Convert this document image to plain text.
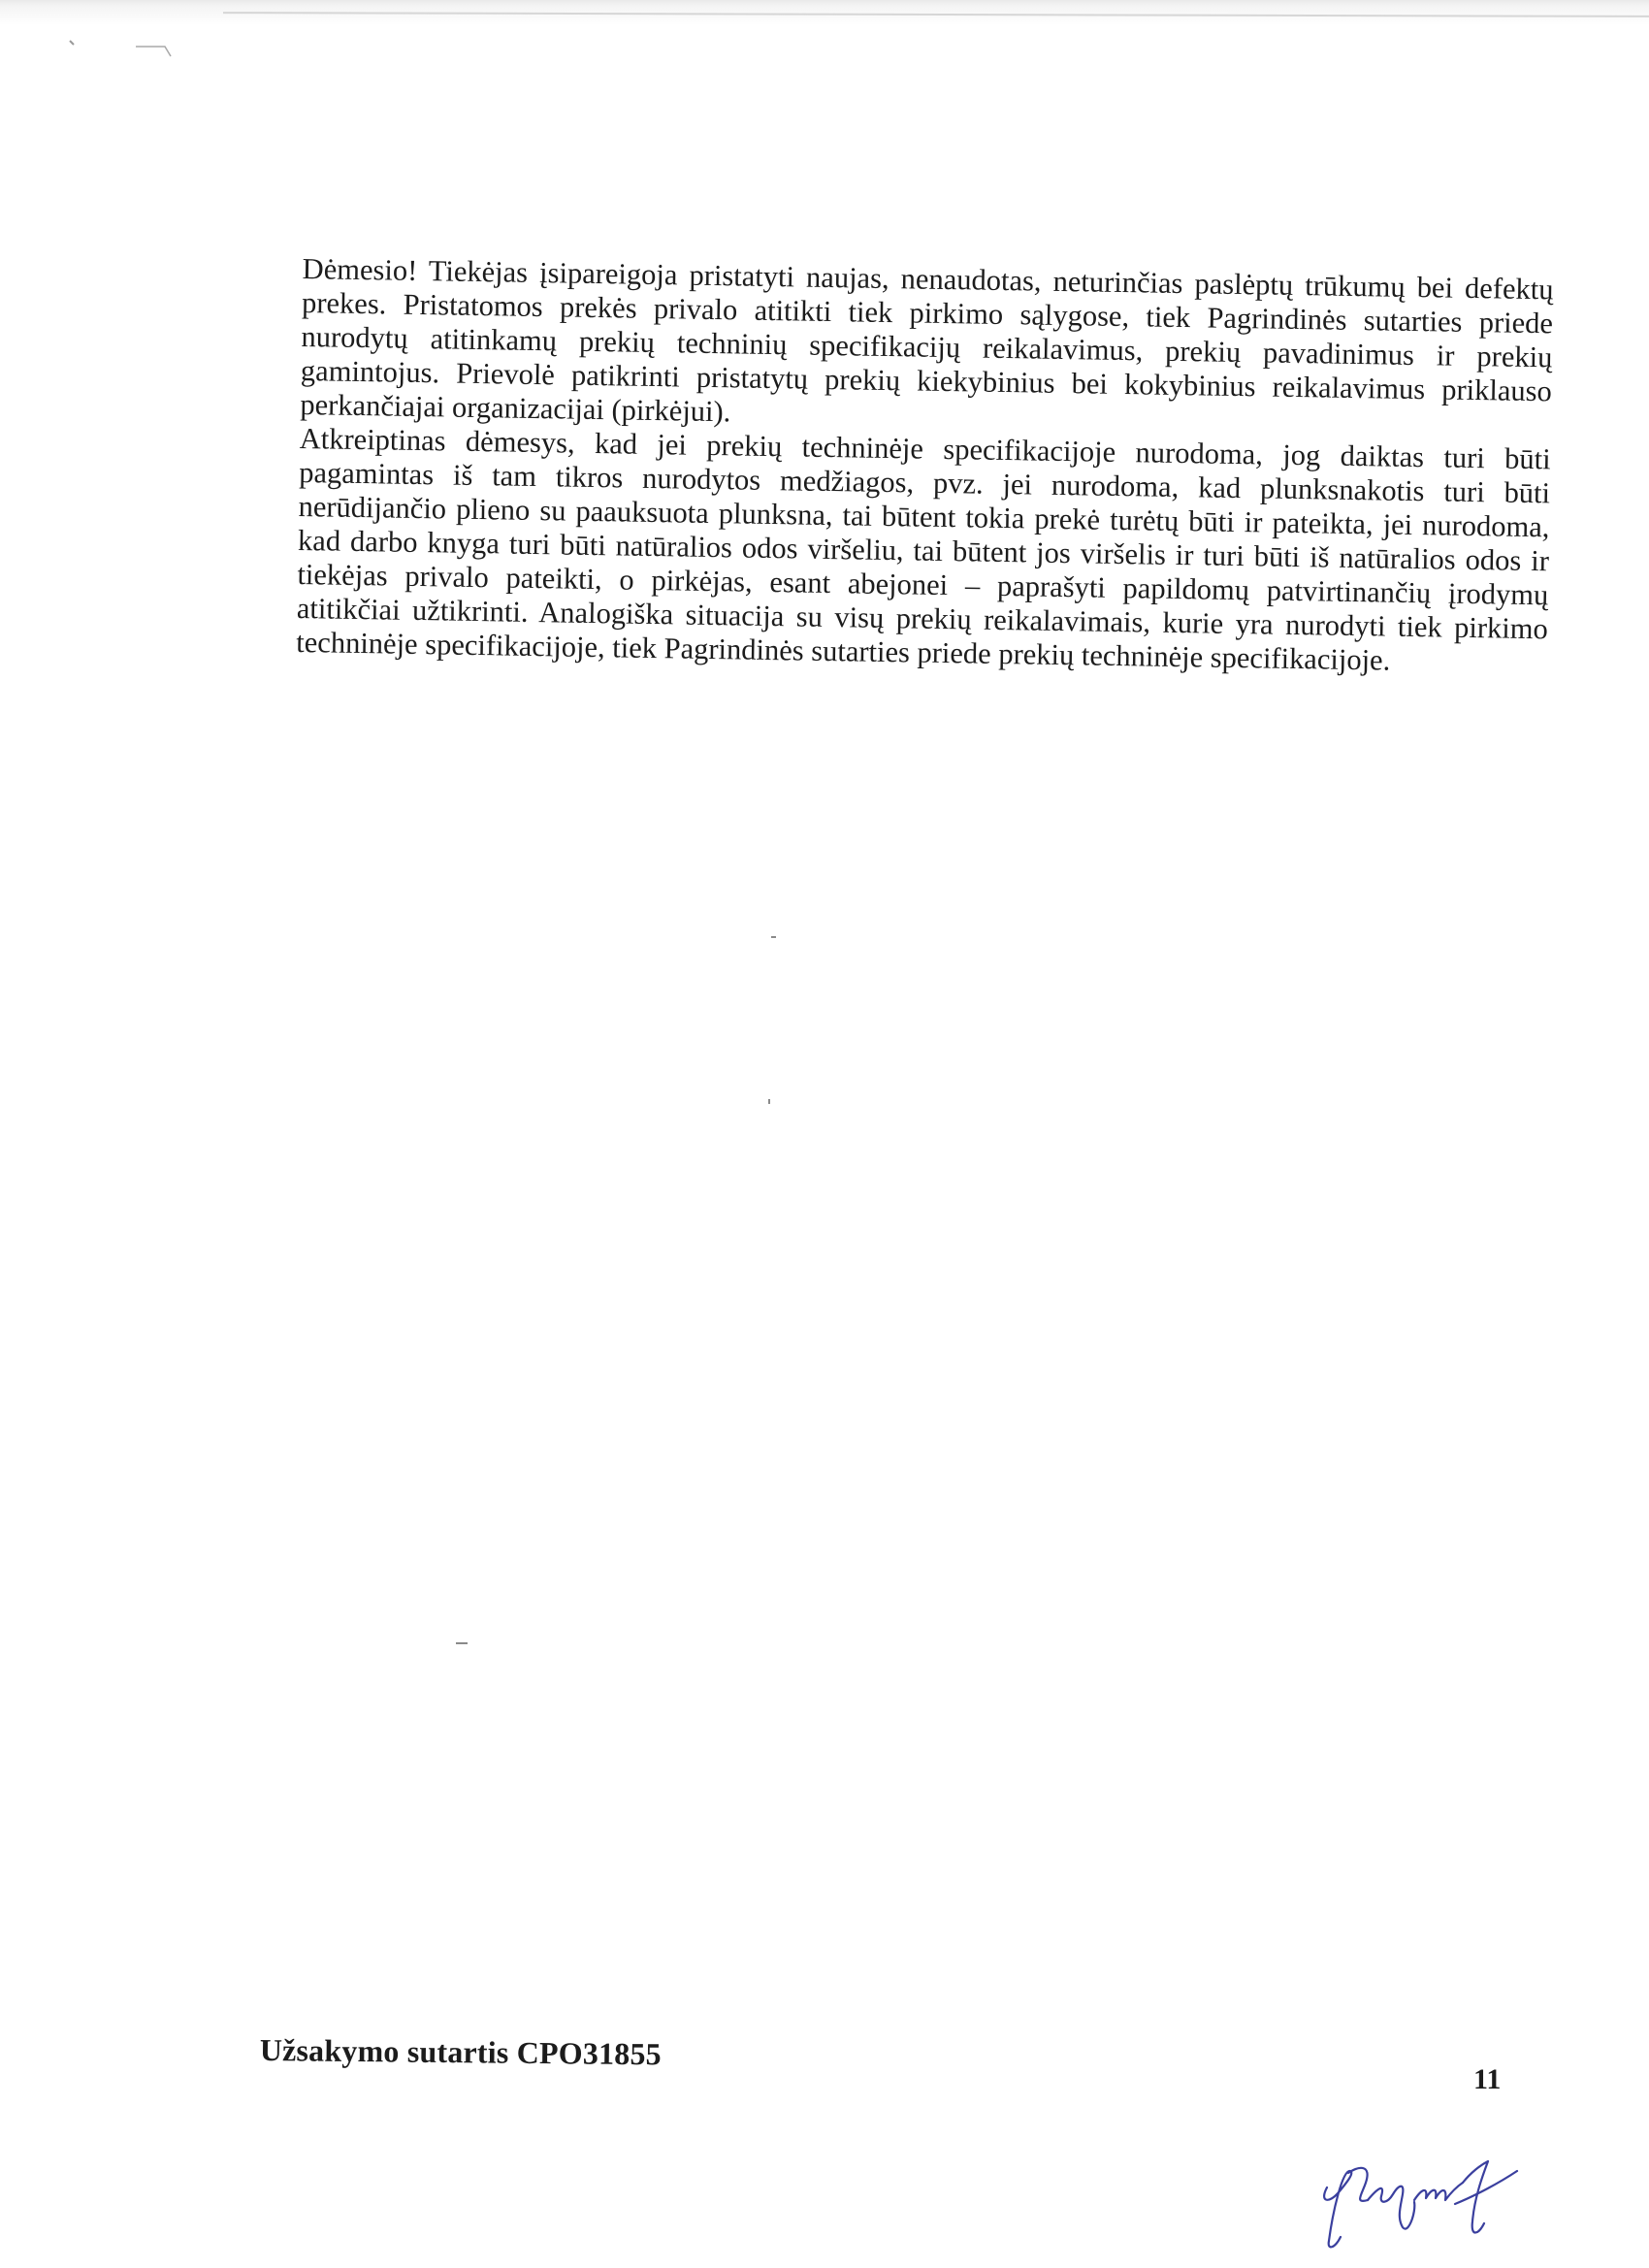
Dėmesio! Tiekėjas įsipareigoja pristatyti naujas, nenaudotas, neturinčias paslėptų trūkumų bei defektų prekes. Pristatomos prekės privalo atitikti tiek pirkimo sąlygose, tiek Pagrindinės sutarties priede nurodytų atitinkamų prekių techninių specifikacijų reikalavimus, prekių pavadinimus ir prekių gamintojus. Prievolė patikrinti pristatytų prekių kiekybinius bei kokybinius reikalavimus priklauso perkančiajai organizacijai (pirkėjui).

Atkreiptinas dėmesys, kad jei prekių techninėje specifikacijoje nurodoma, jog daiktas turi būti pagamintas iš tam tikros nurodytos medžiagos, pvz. jei nurodoma, kad plunksnakotis turi būti nerūdijančio plieno su paauksuota plunksna, tai būtent tokia prekė turėtų būti ir pateikta, jei nurodoma, kad darbo knyga turi būti natūralios odos viršeliu, tai būtent jos viršelis ir turi būti iš natūralios odos ir tiekėjas privalo pateikti, o pirkėjas, esant abejonei – paprašyti papildomų patvirtinančių įrodymų atitikčiai užtikrinti. Analogiška situacija su visų prekių reikalavimais, kurie yra nurodyti tiek pirkimo techninėje specifikacijoje, tiek Pagrindinės sutarties priede prekių techninėje specifikacijoje.

Užsakymo sutartis CPO31855
11
